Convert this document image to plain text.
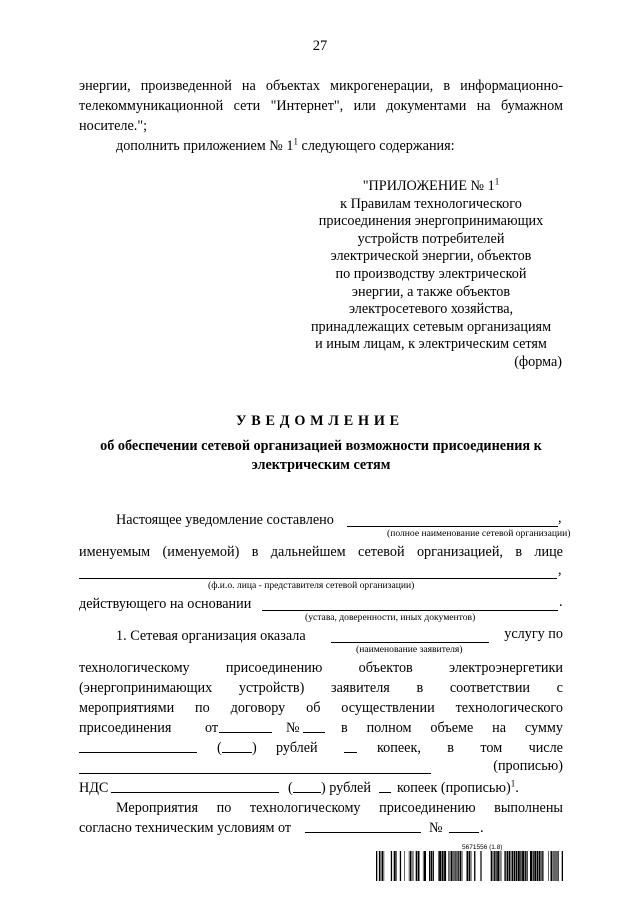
27
энергии, произведенной на объектах микрогенерации, в информационно-
телекоммуникационной сети "Интернет", или документами на бумажном
носителе.";
дополнить приложением № $1^1$ следующего содержания:
"ПРИЛОЖЕНИЕ № $1^1$
к Правилам технологического
присоединения энергопринимающих
устройств потребителей
электрической энергии, объектов
по производству электрической
энергии, а также объектов
электросетевого хозяйства,
принадлежащих сетевым организациям
и иным лицам, к электрическим сетям
(форма)
УВЕДОМЛЕНИЕ
об обеспечении сетевой организацией возможности присоединения к
электрическим сетям
Настоящее уведомление составлено	,
(полное наименование сетевой организации)
именуемым (именуемой) в дальнейшем сетевой организацией, в лице
,
(ф.и.о. лица - представителя сетевой организации)
действующего на основании	.
(устава, доверенности, иных документов)
1. Сетевая организация оказала	услугу по
(наименование заявителя)
технологическому	присоединению	объектов	электроэнергетики
(энергопринимающих устройств) заявителя в соответствии с
мероприятиями по договору об осуществлении технологического
присоединения от	№	в полном объеме на сумму
( ) рублей	копеек, в том числе
(прописью)
НДС	( ) рублей копеек (прописью)$^1$.
Мероприятия по технологическому присоединению выполнены
согласно техническим условиям от	№	.
5671556 (1.8)
